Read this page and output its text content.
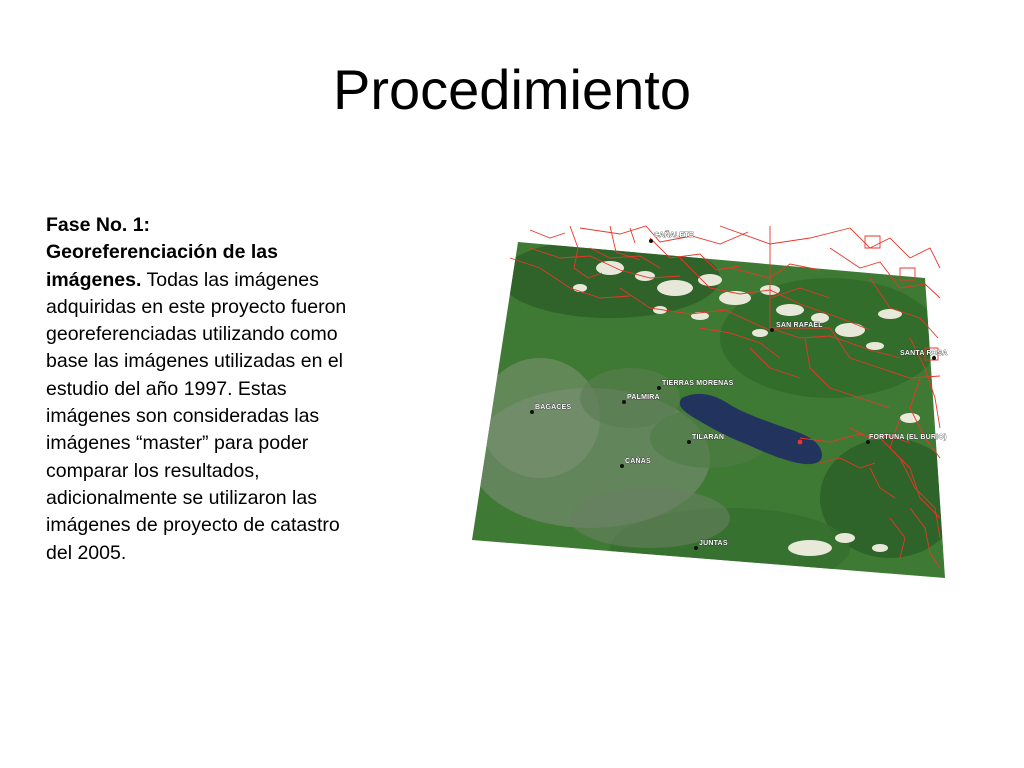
Procedimiento
Fase No. 1:
Georeferenciación de las imágenes. Todas las imágenes adquiridas en este proyecto fueron georeferenciadas utilizando como base las imágenes utilizadas en el estudio del año 1997. Estas imágenes son consideradas las imágenes “master” para poder comparar los resultados, adicionalmente se utilizaron las imágenes de proyecto de catastro del 2005.
CAÑALETE
SAN RAFAEL
SANTA ROSA
TIERRAS MORENAS
PALMIRA
BAGACES
TILARAN	FORTUNA (EL BURIO)
CAÑAS
JUNTAS
